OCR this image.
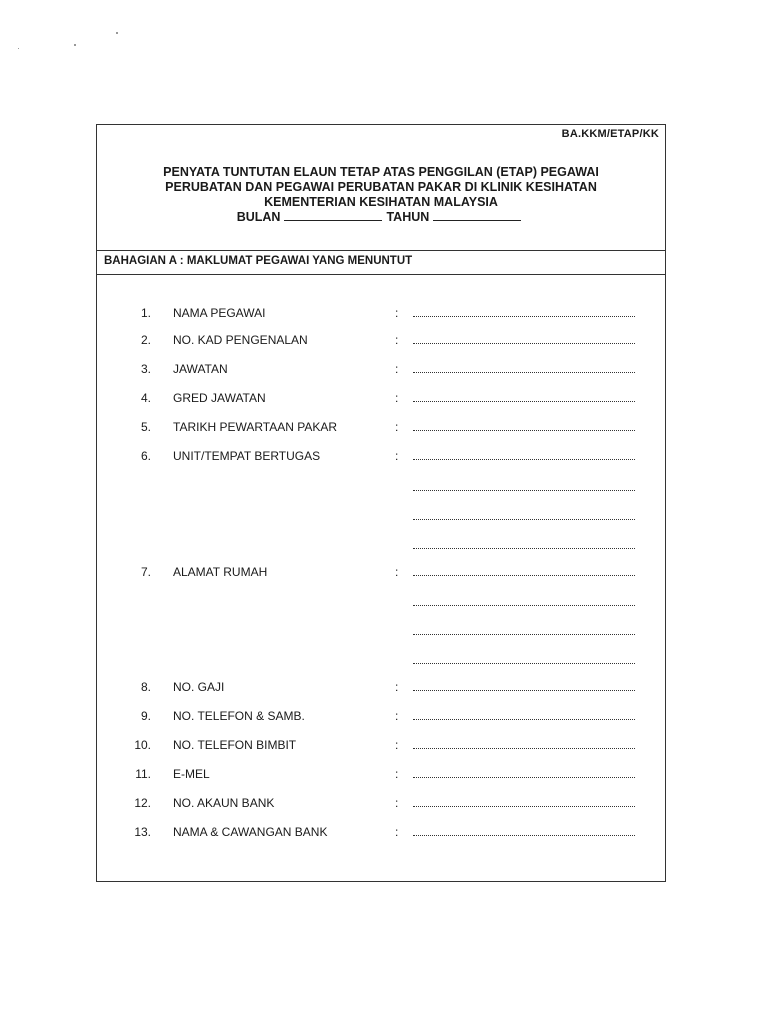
BA.KKM/ETAP/KK
PENYATA TUNTUTAN ELAUN TETAP ATAS PENGGILAN (ETAP) PEGAWAI
PERUBATAN DAN PEGAWAI PERUBATAN PAKAR DI KLINIK KESIHATAN
KEMENTERIAN KESIHATAN MALAYSIA
BULAN	TAHUN
BAHAGIAN A : MAKLUMAT PEGAWAI YANG MENUNTUT
1. NAMA PEGAWAI	:
2. NO. KAD PENGENALAN	:
3. JAWATAN	:
4. GRED JAWATAN	:
5. TARIKH PEWARTAAN PAKAR	:
6. UNIT/TEMPAT BERTUGAS	:
7. ALAMAT RUMAH	:
8. NO. GAJI	:
9. NO. TELEFON & SAMB.	:
10. NO. TELEFON BIMBIT	:
11. E-MEL	:
12. NO. AKAUN BANK	:
13. NAMA & CAWANGAN BANK	:
